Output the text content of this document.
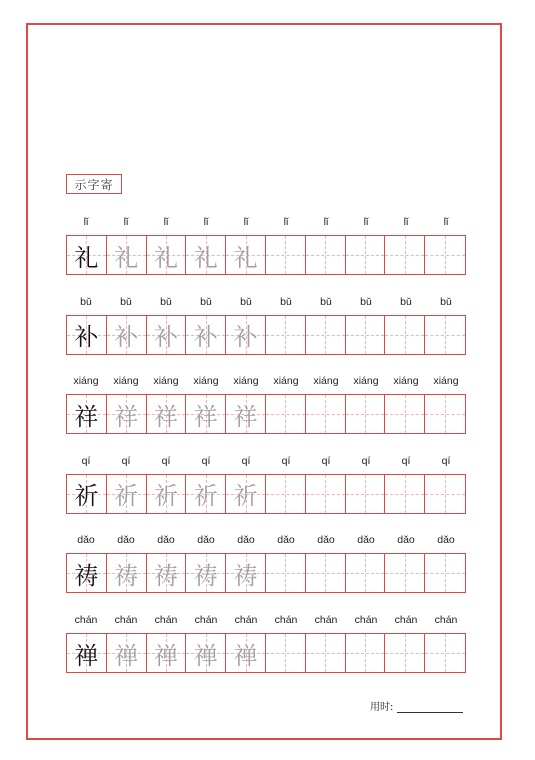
示字寄
lǐ	lǐ	lǐ	lǐ	lǐ	lǐ	lǐ	lǐ	lǐ	lǐ
礼 礼 礼 礼 礼
bǔ	bǔ	bǔ	bǔ	bǔ	bǔ	bǔ	bǔ	bǔ	bǔ
补 补 补 补 补
xiáng	xiáng	xiáng	xiáng	xiáng	xiáng	xiáng	xiáng	xiáng	xiáng
祥 祥 祥 祥 祥
qí	qí	qí	qí	qí	qí	qí	qí	qí	qí
祈 祈 祈 祈 祈
dǎo	dǎo	dǎo	dǎo	dǎo	dǎo	dǎo	dǎo	dǎo	dǎo
祷 祷 祷 祷 祷
chán	chán	chán	chán	chán	chán	chán	chán	chán	chán
禅 禅 禅 禅 禅
用时:
